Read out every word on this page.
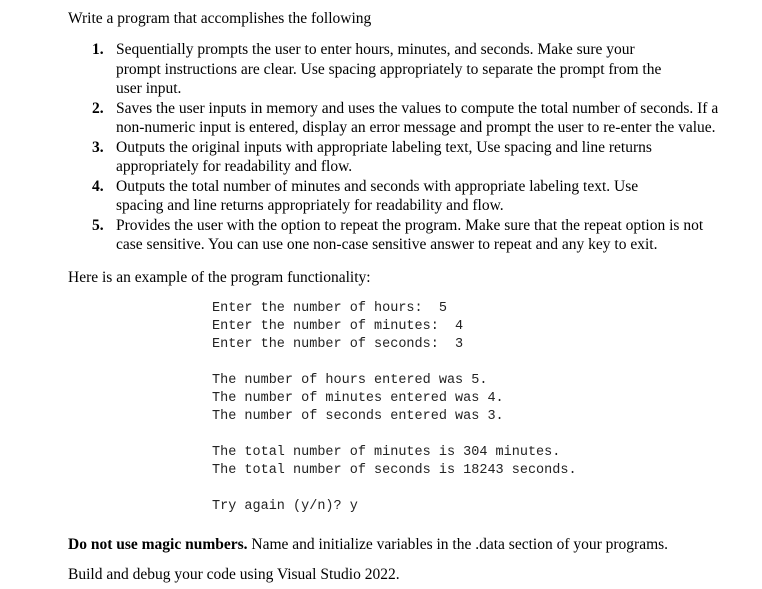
Write a program that accomplishes the following
1. Sequentially prompts the user to enter hours, minutes, and seconds. Make sure your
prompt instructions are clear. Use spacing appropriately to separate the prompt from the
user input.
2. Saves the user inputs in memory and uses the values to compute the total number of seconds. If a
non-numeric input is entered, display an error message and prompt the user to re-enter the value.
3. Outputs the original inputs with appropriate labeling text, Use spacing and line returns
appropriately for readability and flow.
4. Outputs the total number of minutes and seconds with appropriate labeling text. Use
spacing and line returns appropriately for readability and flow.
5. Provides the user with the option to repeat the program. Make sure that the repeat option is not
case sensitive. You can use one non-case sensitive answer to repeat and any key to exit.
Here is an example of the program functionality:
Enter the number of hours:  5
Enter the number of minutes:  4
Enter the number of seconds:  3
The number of hours entered was 5.
The number of minutes entered was 4.
The number of seconds entered was 3.
The total number of minutes is 304 minutes.
The total number of seconds is 18243 seconds.
Try again (y/n)? y
Do not use magic numbers. Name and initialize variables in the .data section of your programs.
Build and debug your code using Visual Studio 2022.
